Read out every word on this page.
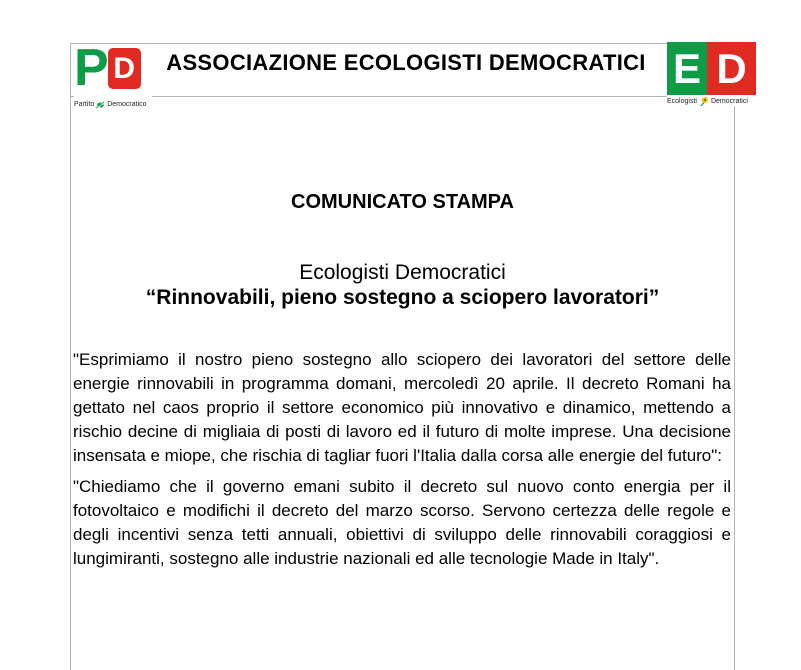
P D
Partito Democratico
ASSOCIAZIONE ECOLOGISTI DEMOCRATICI E D
Ecologisti Democratici
COMUNICATO STAMPA
Ecologisti Democratici
“Rinnovabili, pieno sostegno a sciopero lavoratori”

"Esprimiamo il nostro pieno sostegno allo sciopero dei lavoratori del settore delle energie rinnovabili in programma domani, mercoledì 20 aprile. Il decreto Romani ha gettato nel caos proprio il settore economico più innovativo e dinamico, mettendo a rischio decine di migliaia di posti di lavoro ed il futuro di molte imprese. Una decisione insensata e miope, che rischia di tagliar fuori l'Italia dalla corsa alle energie del futuro":

"Chiediamo che il governo emani subito il decreto sul nuovo conto energia per il fotovoltaico e modifichi il decreto del marzo scorso. Servono certezza delle regole e degli incentivi senza tetti annuali, obiettivi di sviluppo delle rinnovabili coraggiosi e lungimiranti, sostegno alle industrie nazionali ed alle tecnologie Made in Italy".
